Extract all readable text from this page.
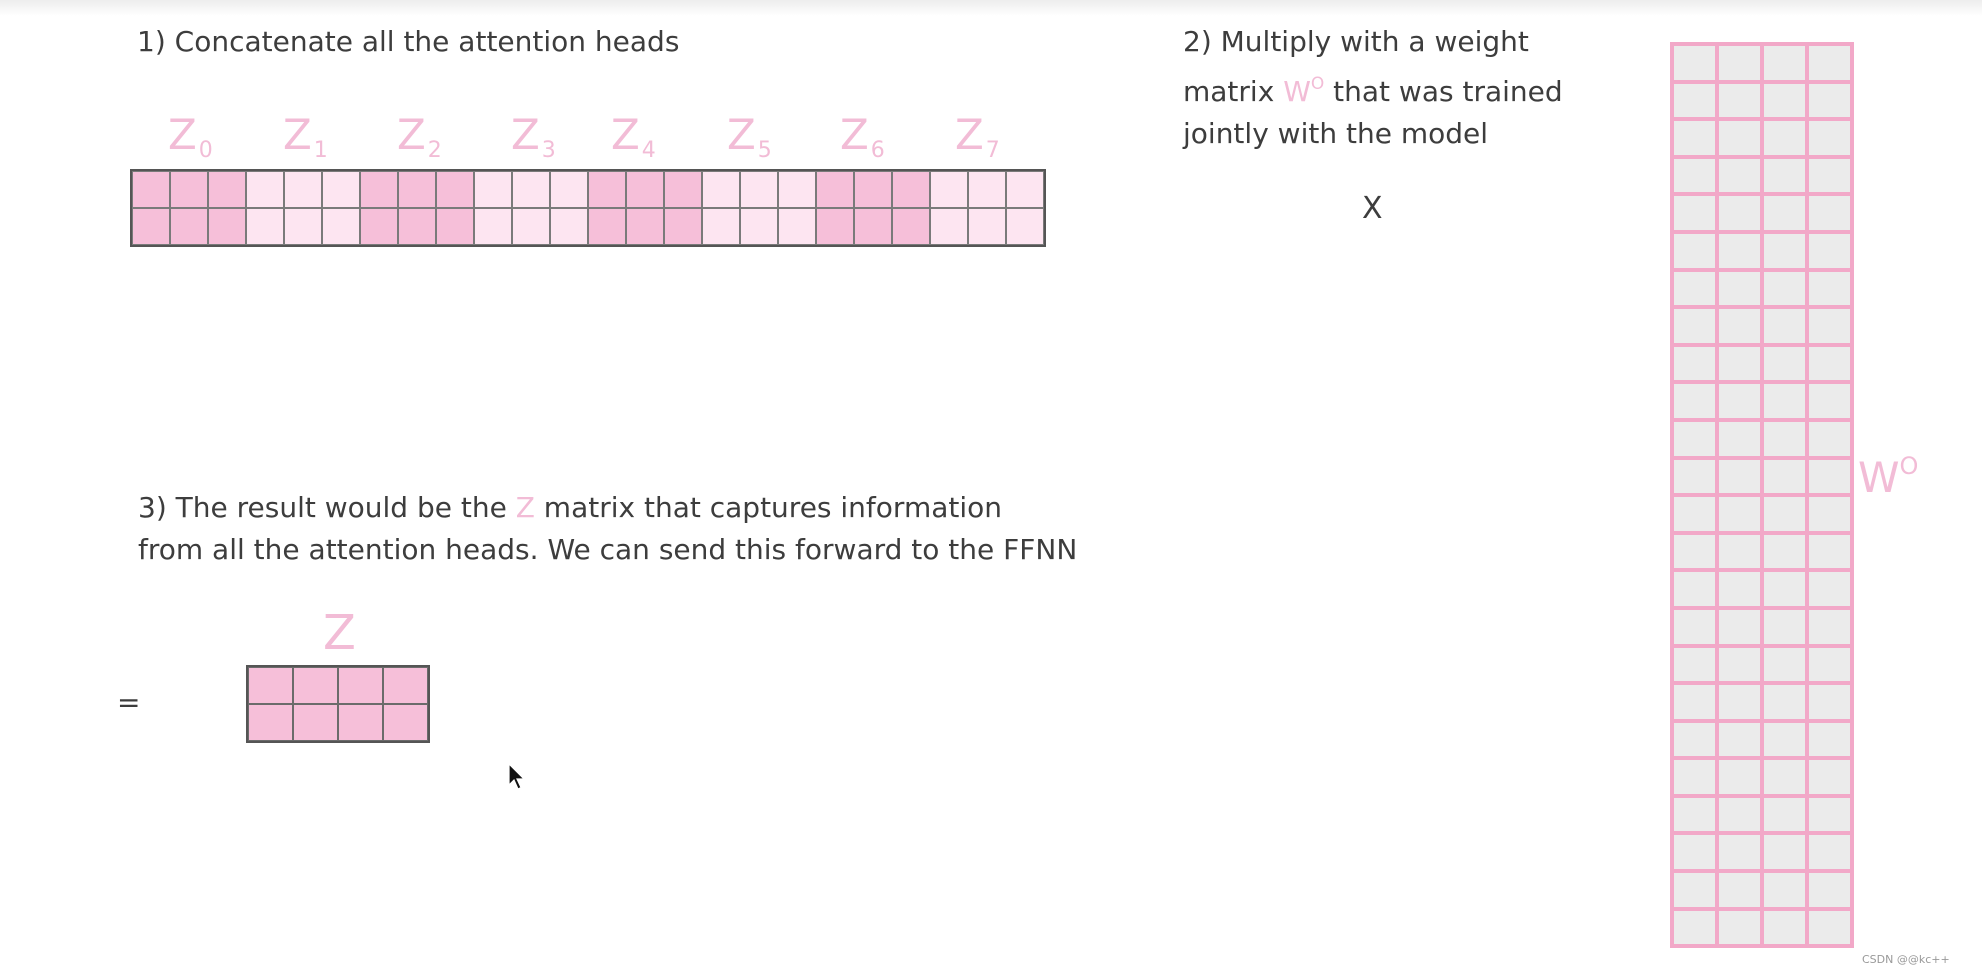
1) Concatenate all the attention heads
$Z_0$ $Z_1$ $Z_2$ $Z_3$ $Z_4$ $Z_5$ $Z_6$ $Z_7$
2) Multiply with a weight
matrix $W^O$ that was trained
jointly with the model
X
3) The result would be the Z matrix that captures information
from all the attention heads. We can send this forward to the FFNN
=
Z
$W^O$
CSDN @@kc++
